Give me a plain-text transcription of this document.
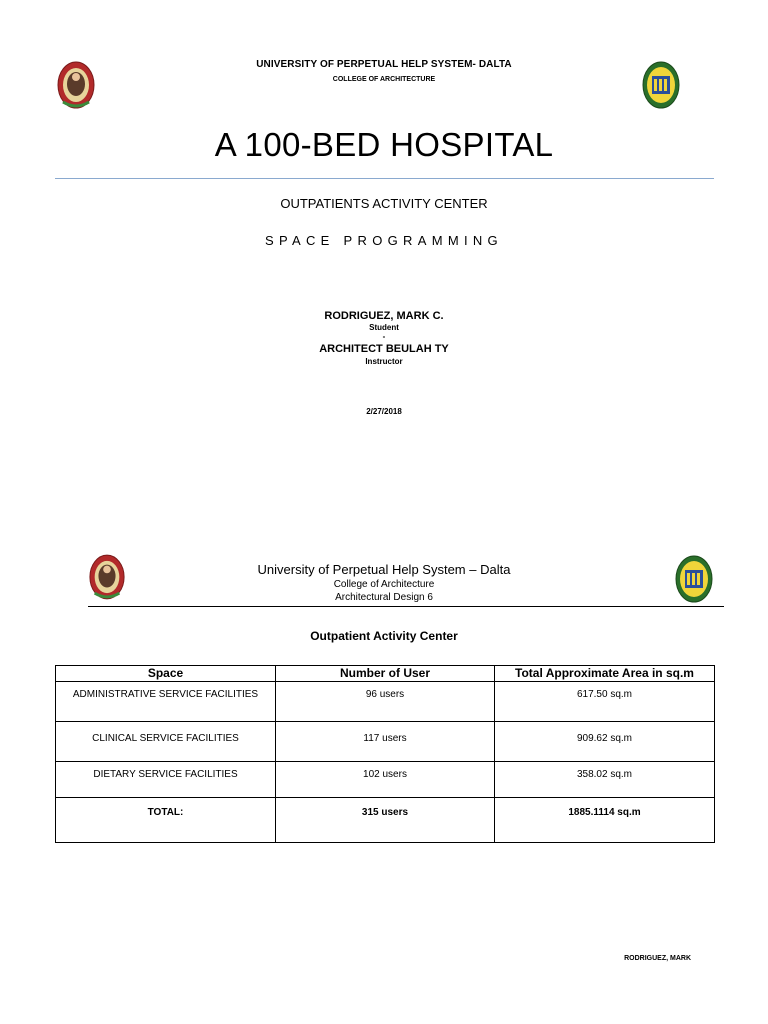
UNIVERSITY OF PERPETUAL HELP SYSTEM- DALTA
COLLEGE OF ARCHITECTURE
A 100-BED HOSPITAL
OUTPATIENTS ACTIVITY CENTER
SPACE PROGRAMMING
RODRIGUEZ, MARK C.
Student
-
ARCHITECT BEULAH TY
Instructor
2/27/2018
University of Perpetual Help System – Dalta
College of Architecture
Architectural Design 6
Outpatient Activity Center
Space	Number of User	Total Approximate Area in sq.m
ADMINISTRATIVE SERVICE FACILITIES	96 users	617.50 sq.m
CLINICAL SERVICE FACILITIES	117 users	909.62 sq.m
DIETARY SERVICE FACILITIES	102 users	358.02 sq.m
TOTAL:	315 users	1885.1114 sq.m
RODRIGUEZ, MARK
